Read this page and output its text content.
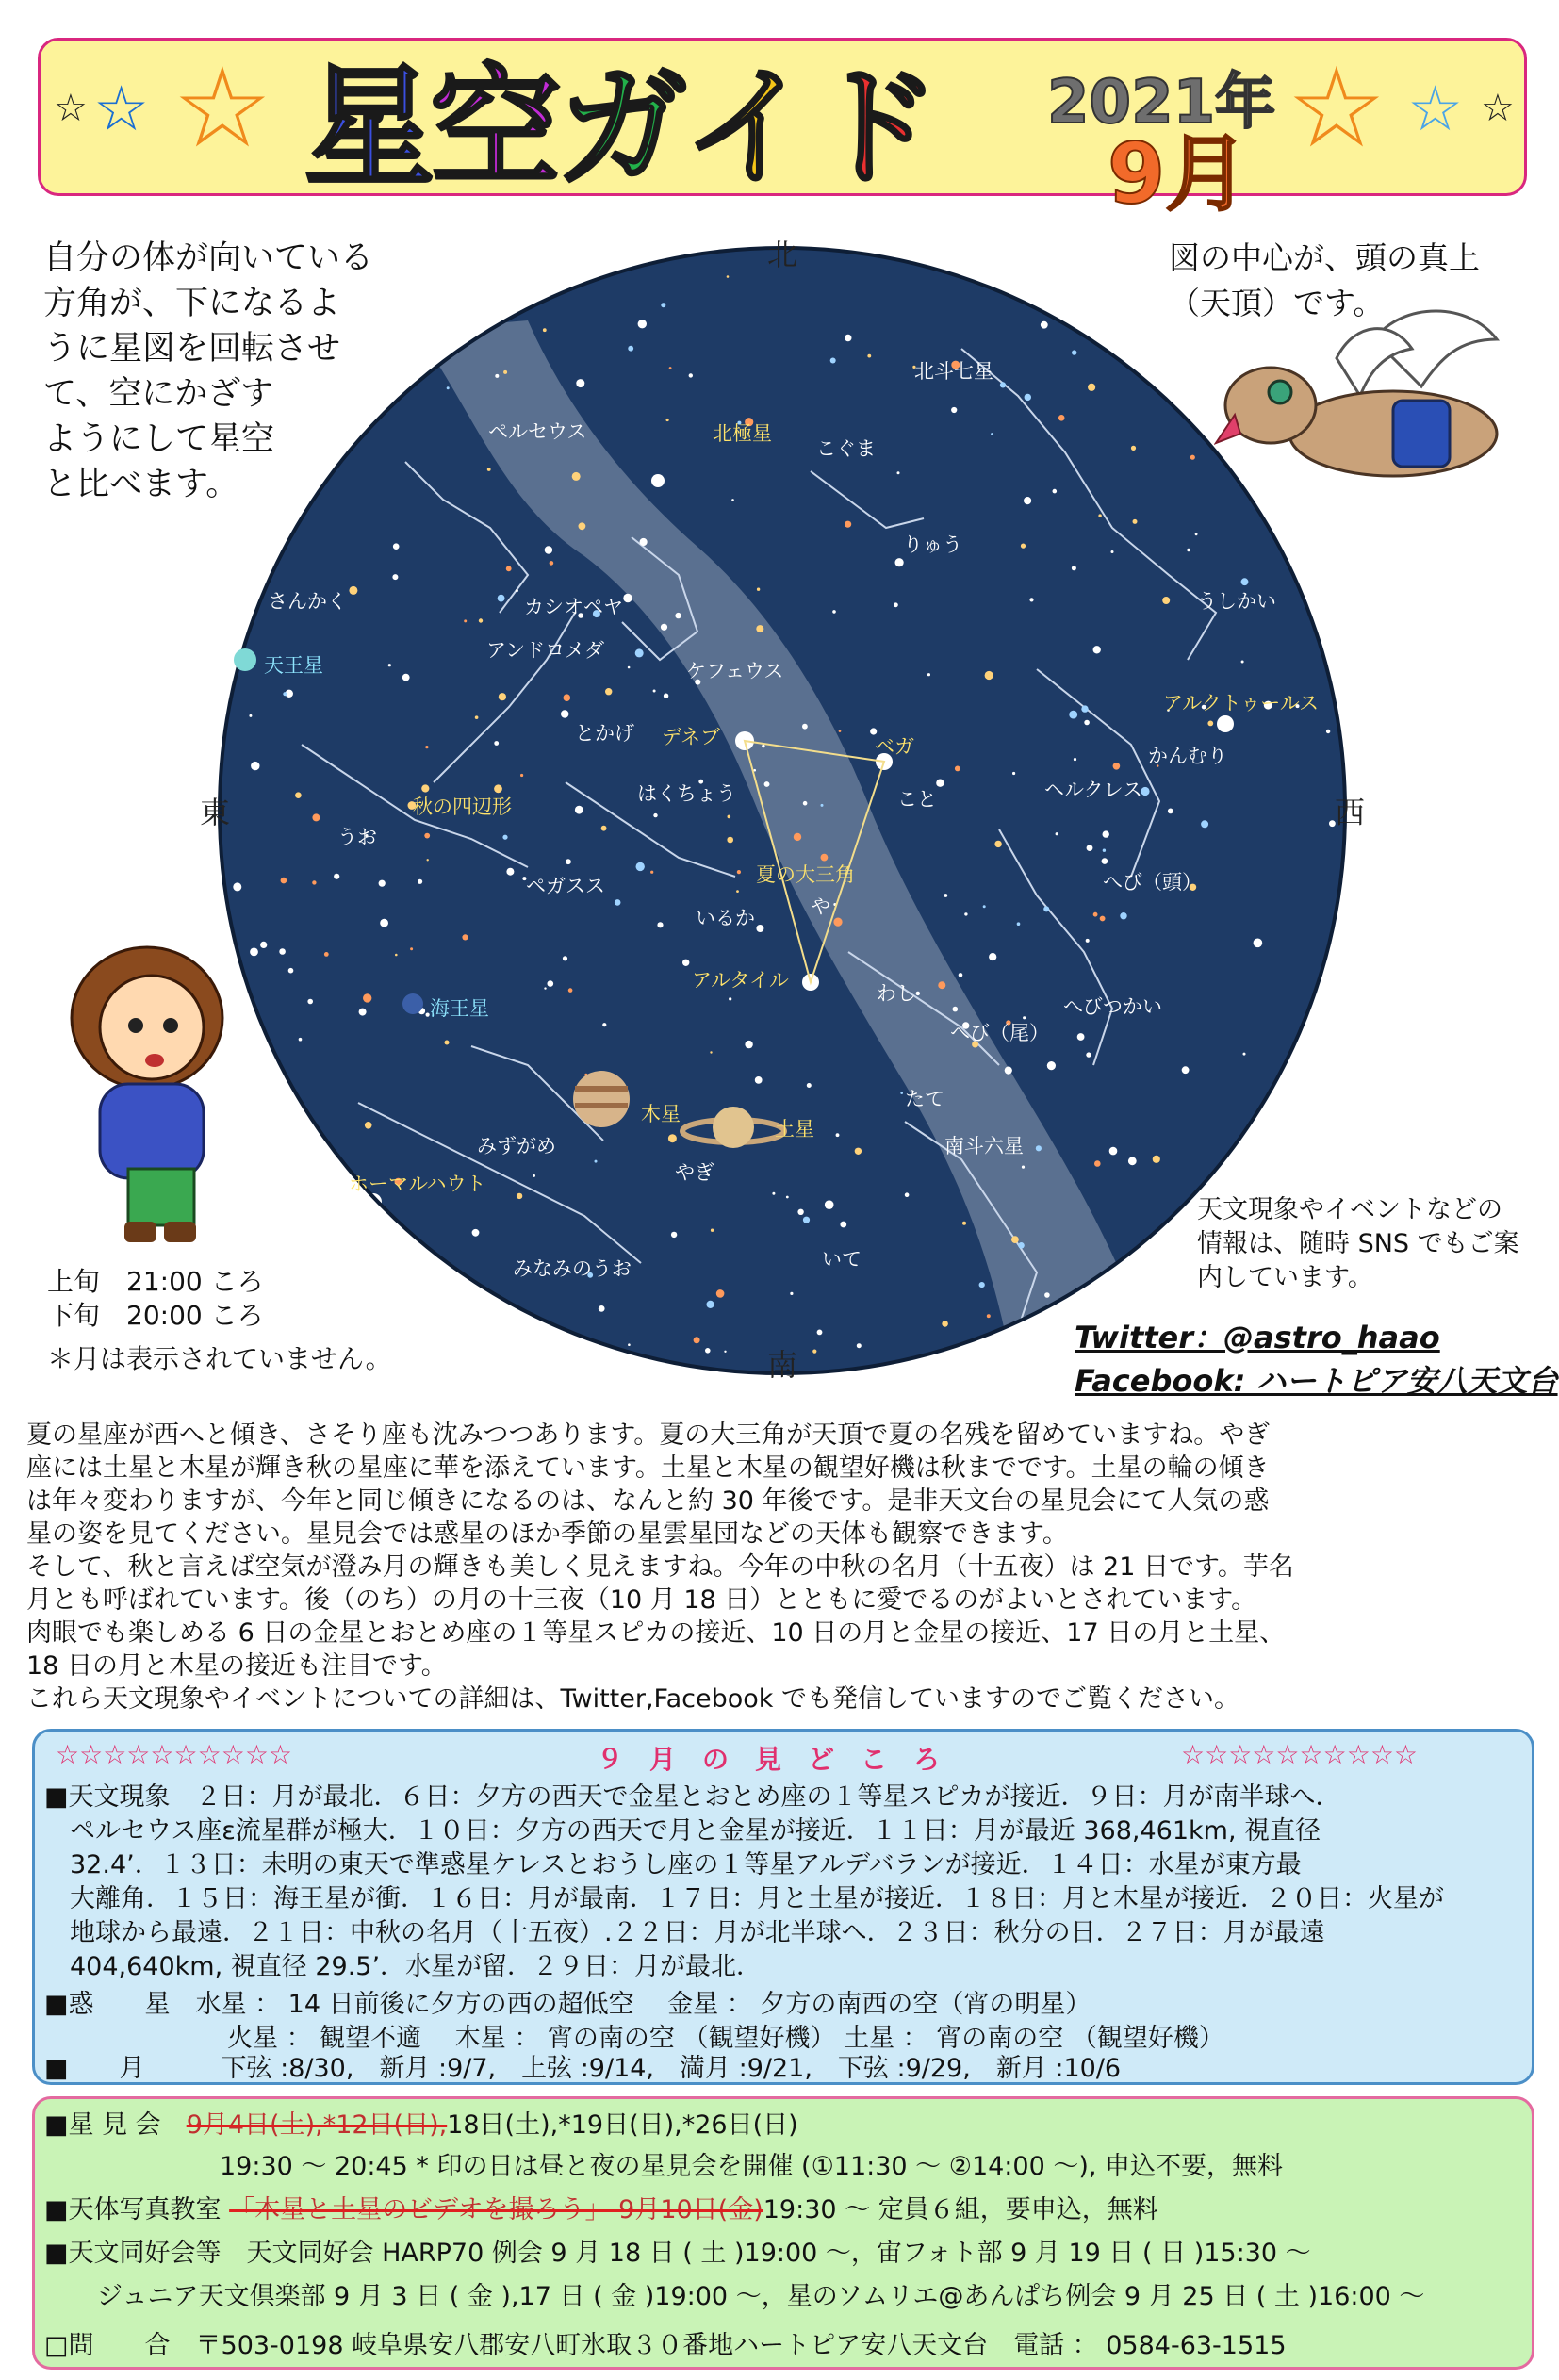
☆ ☆ ☆ 星 空 ガ イ ド 2021年
9月
☆ ☆ ☆
自分の体が向いている
方角が、下になるよ
うに星図を回転させ
て、空にかざす
ようにして星空
と比べます。
図の中心が、頭の真上
（天頂）です。
北
南
東	西
北斗七星
ペルセウス	北極星
こぐま
りゅう
さんかく	カシオペヤ	うしかい
アンドロメダ
ケフェウス
天王星
アルクトゥールス
とかげ デネブ	ベガ	かんむり
秋の四辺形
はくちょう	こと	ヘルクレス
うお
夏の大三角
ペガスス
や
へび（頭）
いるか
アルタイル
わし
へびつかい
海王星
へび（尾）
たて
木星
土星
みずがめ
やぎ
南斗六星
ホーマルハウト
いて
みなみのうお
上旬　21:00 ころ
下旬　20:00 ころ
＊月は表示されていません。
天文現象やイベントなどの
情報は、随時 SNS でもご案
内しています。
Twitter：@astro_haao
Facebook: ハートピア安八天文台
夏の星座が西へと傾き、さそり座も沈みつつあります。夏の大三角が天頂で夏の名残を留めていますね。やぎ
座には土星と木星が輝き秋の星座に華を添えています。土星と木星の観望好機は秋までです。土星の輪の傾き
は年々変わりますが、今年と同じ傾きになるのは、なんと約 30 年後です。是非天文台の星見会にて人気の惑
星の姿を見てください。星見会では惑星のほか季節の星雲星団などの天体も観察できます。
そして、秋と言えば空気が澄み月の輝きも美しく見えますね。今年の中秋の名月（十五夜）は 21 日です。芋名
月とも呼ばれています。後（のち）の月の十三夜（10 月 18 日）とともに愛でるのがよいとされています。
肉眼でも楽しめる 6 日の金星とおとめ座の１等星スピカの接近、10 日の月と金星の接近、17 日の月と土星、
18 日の月と木星の接近も注目です。
これら天文現象やイベントについての詳細は、Twitter,Facebook でも発信していますのでご覧ください。
☆☆☆☆☆☆☆☆☆☆	９　月　の　見　ど　こ　ろ	☆☆☆☆☆☆☆☆☆☆
■天文現象　２日：月が最北．６日：夕方の西天で金星とおとめ座の１等星スピカが接近．９日：月が南半球へ．
　ペルセウス座ε流星群が極大．１０日：夕方の西天で月と金星が接近．１１日：月が最近 368,461km, 視直径
　32.4’．１３日：未明の東天で準惑星ケレスとおうし座の１等星アルデバランが接近．１４日：水星が東方最
　大離角．１５日：海王星が衝．１６日：月が最南．１７日：月と土星が接近．１８日：月と木星が接近．２０日：火星が
　地球から最遠．２１日：中秋の名月（十五夜）.２２日：月が北半球へ．２３日：秋分の日．２７日：月が最遠
　404,640km, 視直径 29.5’．水星が留．２９日：月が最北．
■惑　　星　水星 ： 14 日前後に夕方の西の超低空　 金星 ： 夕方の南西の空（宵の明星）
火星 ： 観望不適　 木星 ： 宵の南の空 （観望好機） 土星 ： 宵の南の空 （観望好機）
■　　月　　　下弦 :8/30,　新月 :9/7,　上弦 :9/14,　満月 :9/21,　下弦 :9/29,　新月 :10/6
■星 見 会　9月4日(土),*12日(日),18日(土),*19日(日),*26日(日)
19:30 ～ 20:45 * 印の日は昼と夜の星見会を開催 (①11:30 ～ ②14:00 ～), 申込不要，無料
■天体写真教室 「木星と土星のビデオを撮ろう」 9月10日(金)19:30 ～ 定員６組，要申込，無料
■天文同好会等　天文同好会 HARP70 例会 9 月 18 日 ( 土 )19:00 ～，宙フォト部 9 月 19 日 ( 日 )15:30 ～
ジュニア天文倶楽部 9 月 3 日 ( 金 ),17 日 ( 金 )19:00 ～，星のソムリエ@あんぱち例会 9 月 25 日 ( 土 )16:00 ～
□問　　合　〒503-0198 岐阜県安八郡安八町氷取３０番地ハートピア安八天文台　電話 ： 0584-63-1515
